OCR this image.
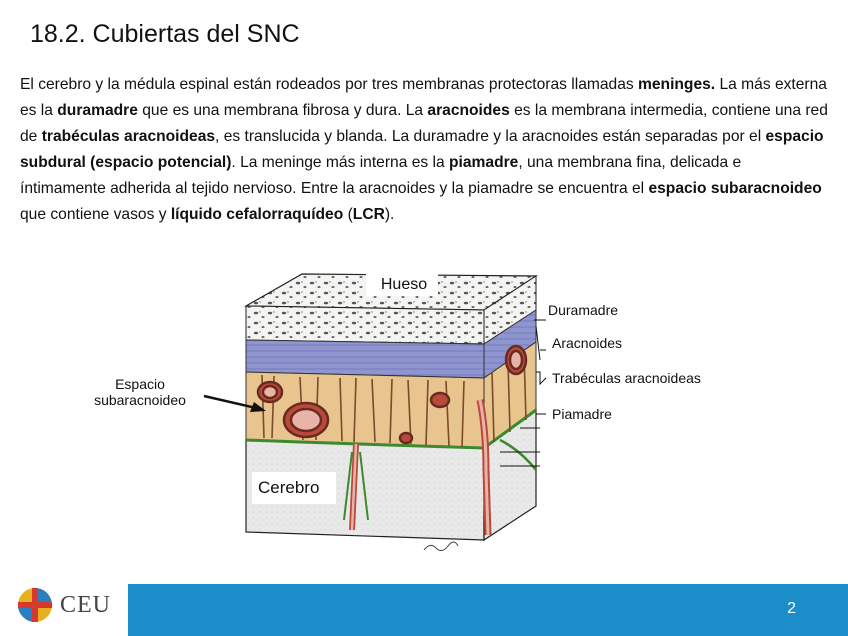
18.2. Cubiertas del SNC
El cerebro y la médula espinal están rodeados por tres membranas protectoras llamadas meninges. La más externa es la duramadre que es una membrana fibrosa y dura. La aracnoides es la membrana intermedia, contiene una red de trabéculas aracnoideas, es translucida y blanda. La duramadre y la aracnoides están separadas por el espacio subdural (espacio potencial). La meninge más interna es la piamadre, una membrana fina, delicada e íntimamente adherida al tejido nervioso. Entre la aracnoides y la piamadre se encuentra el espacio subaracnoideo que contiene vasos y líquido cefalorraquídeo (LCR).
Hueso
Duramadre
Aracnoides
Trabéculas aracnoideas
Piamadre
Espacio
subaracnoideo
Cerebro
CEU	2
